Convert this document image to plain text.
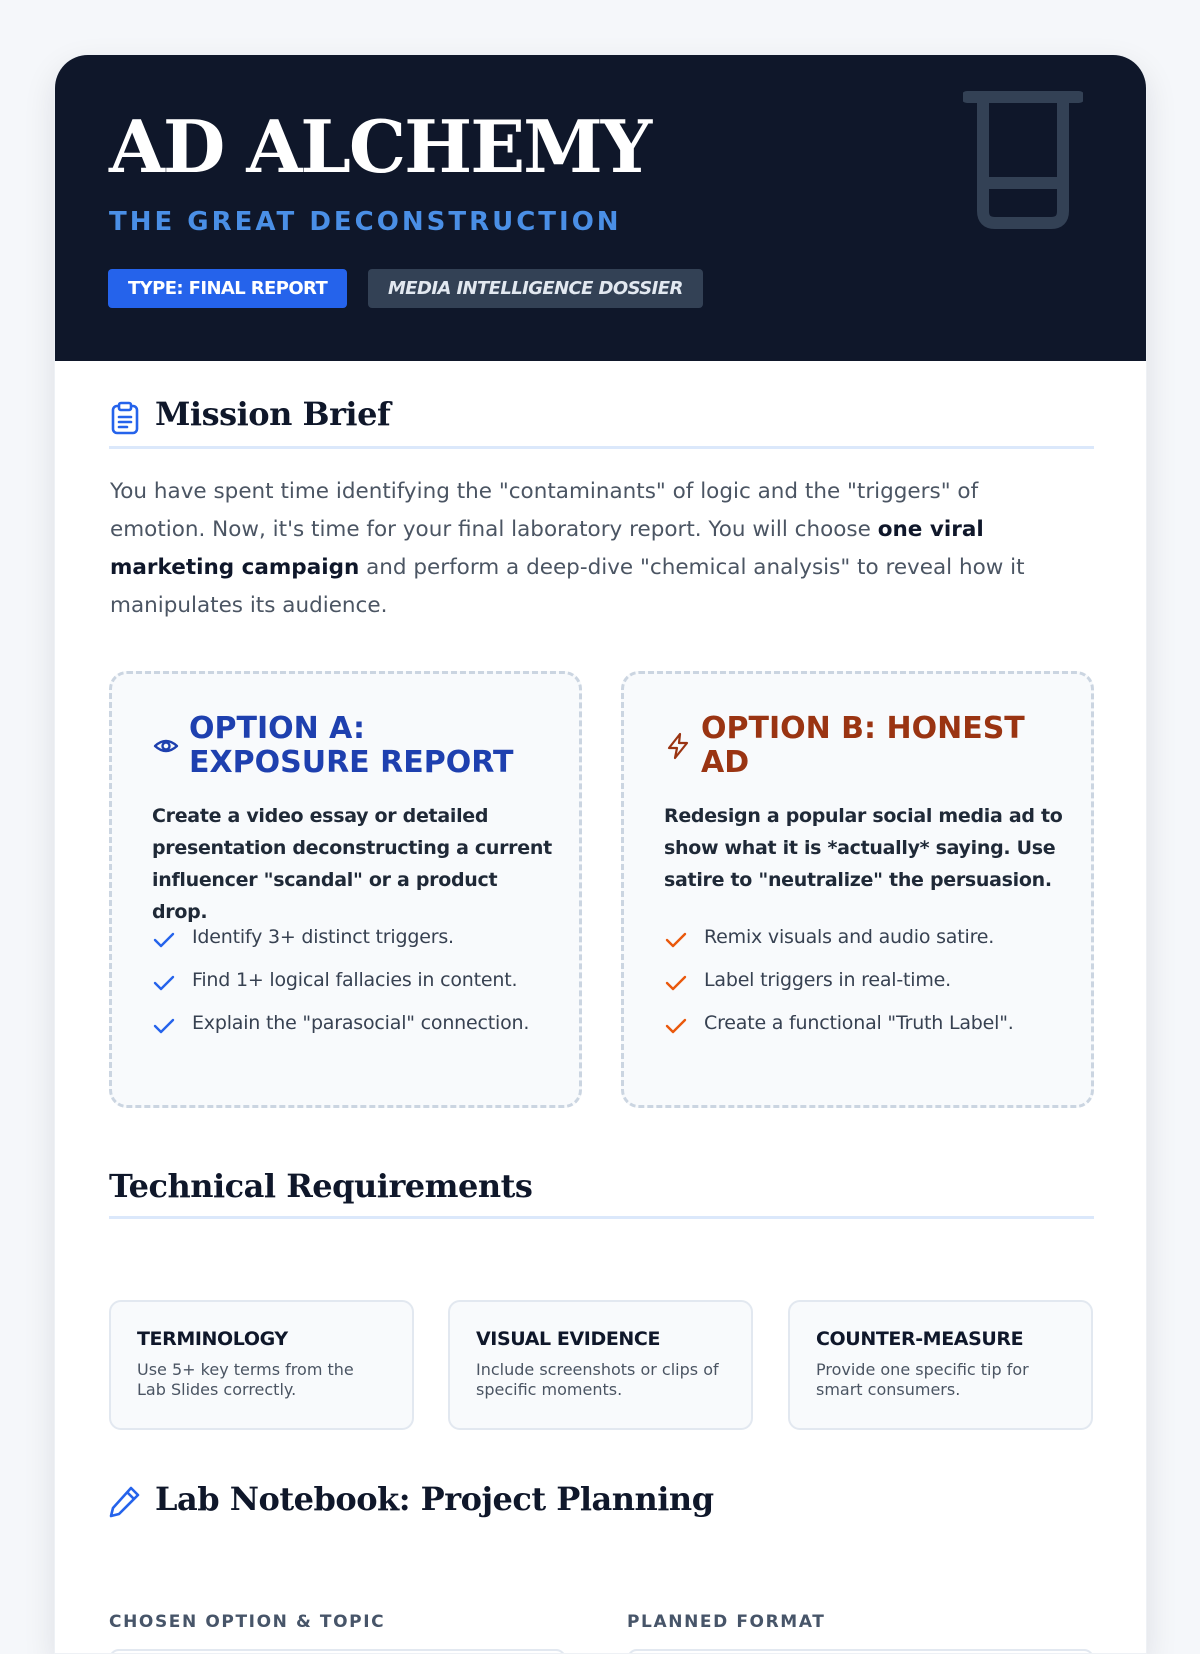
AD ALCHEMY
THE GREAT DECONSTRUCTION
TYPE: FINAL REPORT	MEDIA INTELLIGENCE DOSSIER
Mission Brief

You have spent time identifying the "contaminants" of logic and the "triggers" of emotion. Now, it's time for your final laboratory report. You will choose one viral marketing campaign and perform a deep-dive "chemical analysis" to reveal how it manipulates its audience.

OPTION A: EXPOSURE REPORT
Create a video essay or detailed presentation deconstructing a current influencer "scandal" or a product drop.
Identify 3+ distinct triggers.
Find 1+ logical fallacies in content.
Explain the "parasocial" connection.
OPTION B: HONEST AD
Redesign a popular social media ad to show what it is *actually* saying. Use satire to "neutralize" the persuasion.
Remix visuals and audio satire.
Label triggers in real-time.
Create a functional "Truth Label".
Technical Requirements
TERMINOLOGY
Use 5+ key terms from the Lab Slides correctly.
VISUAL EVIDENCE
Include screenshots or clips of specific moments.
COUNTER-MEASURE
Provide one specific tip for smart consumers.
Lab Notebook: Project Planning
CHOSEN OPTION & TOPIC	PLANNED FORMAT
